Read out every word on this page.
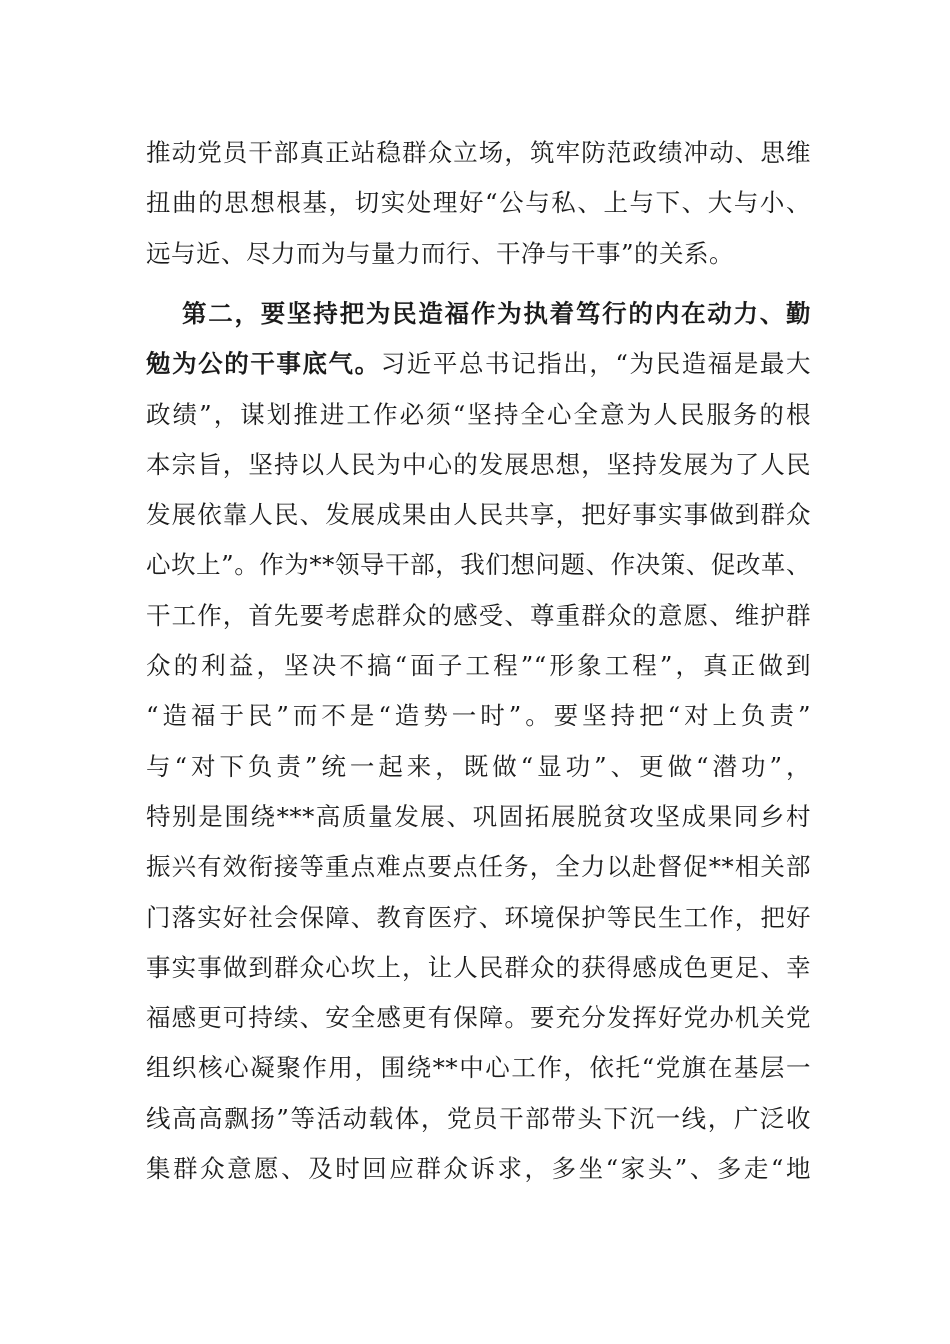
推动党员干部真正站稳群众立场，筑牢防范政绩冲动、思维
扭曲的思想根基，切实处理好“公与私、上与下、大与小、
远与近、尽力而为与量力而行、干净与干事”的关系。
第二，要坚持把为民造福作为执着笃行的内在动力、勤
勉为公的干事底气。习近平总书记指出，“为民造福是最大
政绩”，谋划推进工作必须“坚持全心全意为人民服务的根
本宗旨，坚持以人民为中心的发展思想，坚持发展为了人民
发展依靠人民、发展成果由人民共享，把好事实事做到群众
心坎上”。作为**领导干部，我们想问题、作决策、促改革、
干工作，首先要考虑群众的感受、尊重群众的意愿、维护群
众的利益，坚决不搞“面子工程”“形象工程”，真正做到
“造福于民”而不是“造势一时”。要坚持把“对上负责”
与“对下负责”统一起来，既做“显功”、更做“潜功”，
特别是围绕***高质量发展、巩固拓展脱贫攻坚成果同乡村
振兴有效衔接等重点难点要点任务，全力以赴督促**相关部
门落实好社会保障、教育医疗、环境保护等民生工作，把好
事实事做到群众心坎上，让人民群众的获得感成色更足、幸
福感更可持续、安全感更有保障。要充分发挥好党办机关党
组织核心凝聚作用，围绕**中心工作，依托“党旗在基层一
线高高飘扬”等活动载体，党员干部带头下沉一线，广泛收
集群众意愿、及时回应群众诉求，多坐“家头”、多走“地
